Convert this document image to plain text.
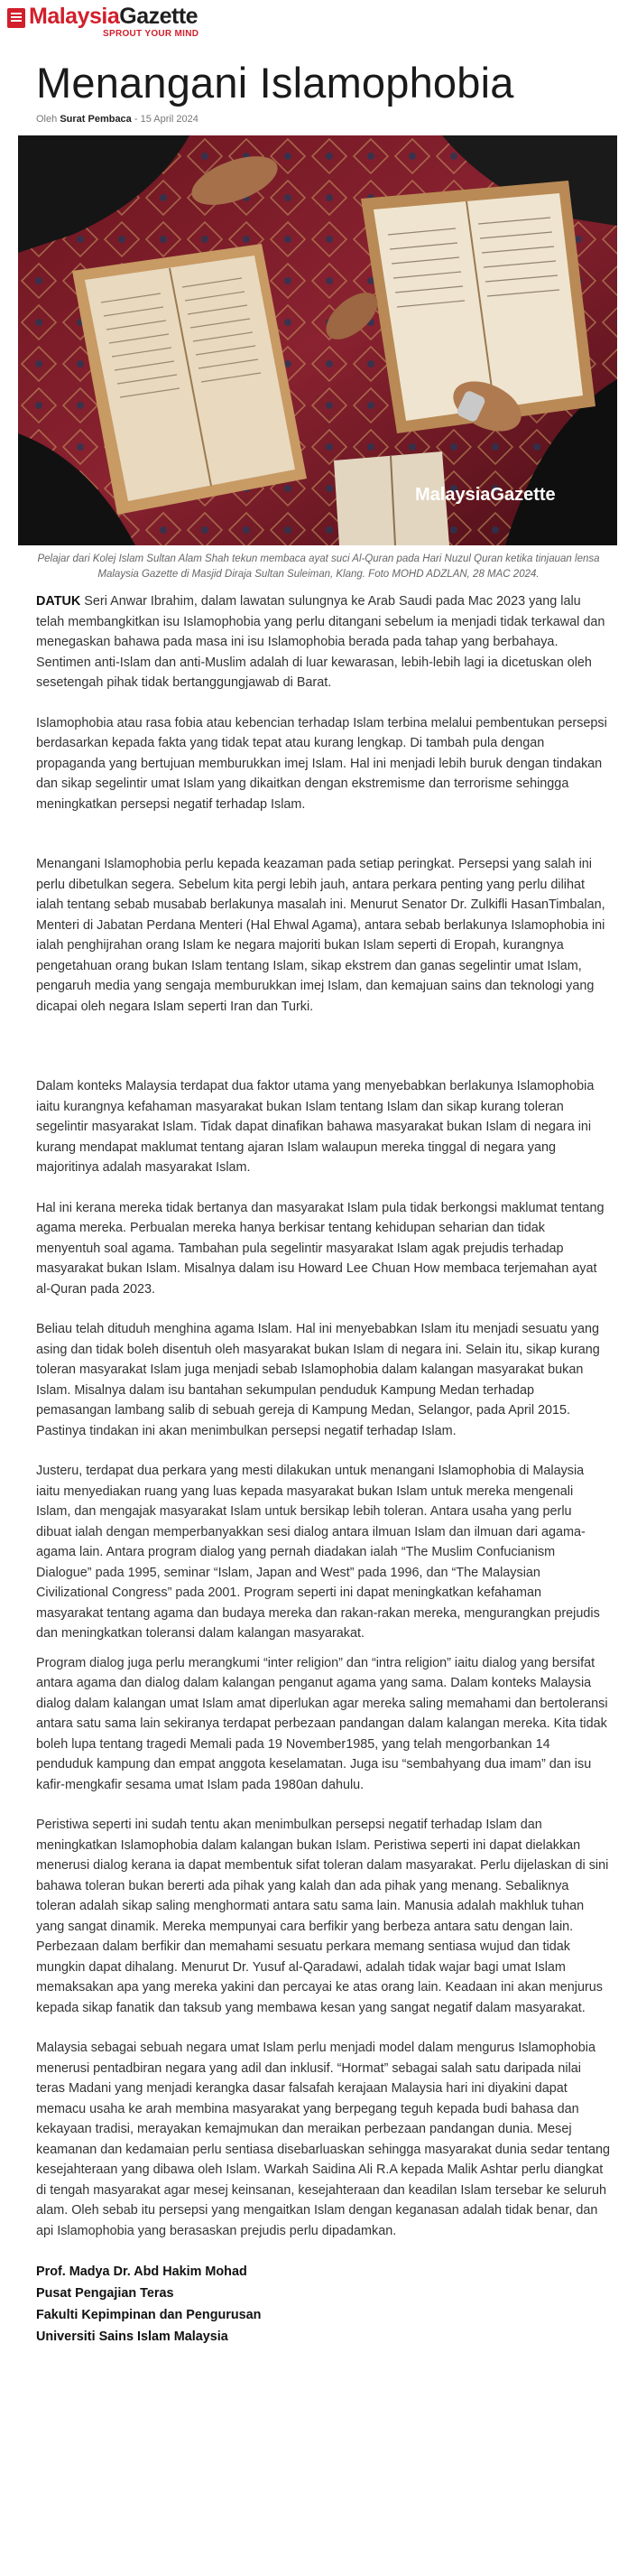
MalaysiaGazette
SPROUT YOUR MIND
Menangani Islamophobia
Oleh Surat Pembaca - 15 April 2024
MalaysiaGazette
Pelajar dari Kolej Islam Sultan Alam Shah tekun membaca ayat suci Al-Quran pada Hari Nuzul Quran ketika tinjauan lensa Malaysia Gazette di Masjid Diraja Sultan Suleiman, Klang. Foto MOHD ADZLAN, 28 MAC 2024.

DATUK Seri Anwar Ibrahim, dalam lawatan sulungnya ke Arab Saudi pada Mac 2023 yang lalu telah membangkitkan isu Islamophobia yang perlu ditangani sebelum ia menjadi tidak terkawal dan menegaskan bahawa pada masa ini isu Islamophobia berada pada tahap yang berbahaya. Sentimen anti-Islam dan anti-Muslim adalah di luar kewarasan, lebih-lebih lagi ia dicetuskan oleh sesetengah pihak tidak bertanggungjawab di Barat.

Islamophobia atau rasa fobia atau kebencian terhadap Islam terbina melalui pembentukan persepsi berdasarkan kepada fakta yang tidak tepat atau kurang lengkap. Di tambah pula dengan propaganda yang bertujuan memburukkan imej Islam. Hal ini menjadi lebih buruk dengan tindakan dan sikap segelintir umat Islam yang dikaitkan dengan ekstremisme dan terrorisme sehingga meningkatkan persepsi negatif terhadap Islam.

Menangani Islamophobia perlu kepada keazaman pada setiap peringkat. Persepsi yang salah ini perlu dibetulkan segera. Sebelum kita pergi lebih jauh, antara perkara penting yang perlu dilihat ialah tentang sebab musabab berlakunya masalah ini. Menurut Senator Dr. Zulkifli HasanTimbalan, Menteri di Jabatan Perdana Menteri (Hal Ehwal Agama), antara sebab berlakunya Islamophobia ini ialah penghijrahan orang Islam ke negara majoriti bukan Islam seperti di Eropah, kurangnya pengetahuan orang bukan Islam tentang Islam, sikap ekstrem dan ganas segelintir umat Islam, pengaruh media yang sengaja memburukkan imej Islam, dan kemajuan sains dan teknologi yang dicapai oleh negara Islam seperti Iran dan Turki.

Dalam konteks Malaysia terdapat dua faktor utama yang menyebabkan berlakunya Islamophobia iaitu kurangnya kefahaman masyarakat bukan Islam tentang Islam dan sikap kurang toleran segelintir masyarakat Islam. Tidak dapat dinafikan bahawa masyarakat bukan Islam di negara ini kurang mendapat maklumat tentang ajaran Islam walaupun mereka tinggal di negara yang majoritinya adalah masyarakat Islam.

Hal ini kerana mereka tidak bertanya dan masyarakat Islam pula tidak berkongsi maklumat tentang agama mereka. Perbualan mereka hanya berkisar tentang kehidupan seharian dan tidak menyentuh soal agama. Tambahan pula segelintir masyarakat Islam agak prejudis terhadap masyarakat bukan Islam. Misalnya dalam isu Howard Lee Chuan How membaca terjemahan ayat al-Quran pada 2023.

Beliau telah dituduh menghina agama Islam. Hal ini menyebabkan Islam itu menjadi sesuatu yang asing dan tidak boleh disentuh oleh masyarakat bukan Islam di negara ini. Selain itu, sikap kurang toleran masyarakat Islam juga menjadi sebab Islamophobia dalam kalangan masyarakat bukan Islam. Misalnya dalam isu bantahan sekumpulan penduduk Kampung Medan terhadap pemasangan lambang salib di sebuah gereja di Kampung Medan, Selangor, pada April 2015. Pastinya tindakan ini akan menimbulkan persepsi negatif terhadap Islam.

Justeru, terdapat dua perkara yang mesti dilakukan untuk menangani Islamophobia di Malaysia iaitu menyediakan ruang yang luas kepada masyarakat bukan Islam untuk mereka mengenali Islam, dan mengajak masyarakat Islam untuk bersikap lebih toleran. Antara usaha yang perlu dibuat ialah dengan memperbanyakkan sesi dialog antara ilmuan Islam dan ilmuan dari agama-agama lain. Antara program dialog yang pernah diadakan ialah “The Muslim Confucianism Dialogue” pada 1995, seminar “Islam, Japan and West” pada 1996, dan “The Malaysian Civilizational Congress” pada 2001. Program seperti ini dapat meningkatkan kefahaman masyarakat tentang agama dan budaya mereka dan rakan-rakan mereka, mengurangkan prejudis dan meningkatkan toleransi dalam kalangan masyarakat.

Program dialog juga perlu merangkumi “inter religion” dan “intra religion” iaitu dialog yang bersifat antara agama dan dialog dalam kalangan penganut agama yang sama. Dalam konteks Malaysia dialog dalam kalangan umat Islam amat diperlukan agar mereka saling memahami dan bertoleransi antara satu sama lain sekiranya terdapat perbezaan pandangan dalam kalangan mereka. Kita tidak boleh lupa tentang tragedi Memali pada 19 November1985, yang telah mengorbankan 14 penduduk kampung dan empat anggota keselamatan. Juga isu “sembahyang dua imam” dan isu kafir-mengkafir sesama umat Islam pada 1980an dahulu.

Peristiwa seperti ini sudah tentu akan menimbulkan persepsi negatif terhadap Islam dan meningkatkan Islamophobia dalam kalangan bukan Islam. Peristiwa seperti ini dapat dielakkan menerusi dialog kerana ia dapat membentuk sifat toleran dalam masyarakat. Perlu dijelaskan di sini bahawa toleran bukan bererti ada pihak yang kalah dan ada pihak yang menang. Sebaliknya toleran adalah sikap saling menghormati antara satu sama lain. Manusia adalah makhluk tuhan yang sangat dinamik. Mereka mempunyai cara berfikir yang berbeza antara satu dengan lain. Perbezaan dalam berfikir dan memahami sesuatu perkara memang sentiasa wujud dan tidak mungkin dapat dihalang. Menurut Dr. Yusuf al-Qaradawi, adalah tidak wajar bagi umat Islam memaksakan apa yang mereka yakini dan percayai ke atas orang lain. Keadaan ini akan menjurus kepada sikap fanatik dan taksub yang membawa kesan yang sangat negatif dalam masyarakat.

Malaysia sebagai sebuah negara umat Islam perlu menjadi model dalam mengurus Islamophobia menerusi pentadbiran negara yang adil dan inklusif. “Hormat” sebagai salah satu daripada nilai teras Madani yang menjadi kerangka dasar falsafah kerajaan Malaysia hari ini diyakini dapat memacu usaha ke arah membina masyarakat yang berpegang teguh kepada budi bahasa dan kekayaan tradisi, merayakan kemajmukan dan meraikan perbezaan pandangan dunia. Mesej keamanan dan kedamaian perlu sentiasa disebarluaskan sehingga masyarakat dunia sedar tentang kesejahteraan yang dibawa oleh Islam. Warkah Saidina Ali R.A kepada Malik Ashtar perlu diangkat di tengah masyarakat agar mesej keinsanan, kesejahteraan dan keadilan Islam tersebar ke seluruh alam. Oleh sebab itu persepsi yang mengaitkan Islam dengan keganasan adalah tidak benar, dan api Islamophobia yang berasaskan prejudis perlu dipadamkan.

Prof. Madya Dr. Abd Hakim Mohad
Pusat Pengajian Teras
Fakulti Kepimpinan dan Pengurusan
Universiti Sains Islam Malaysia
